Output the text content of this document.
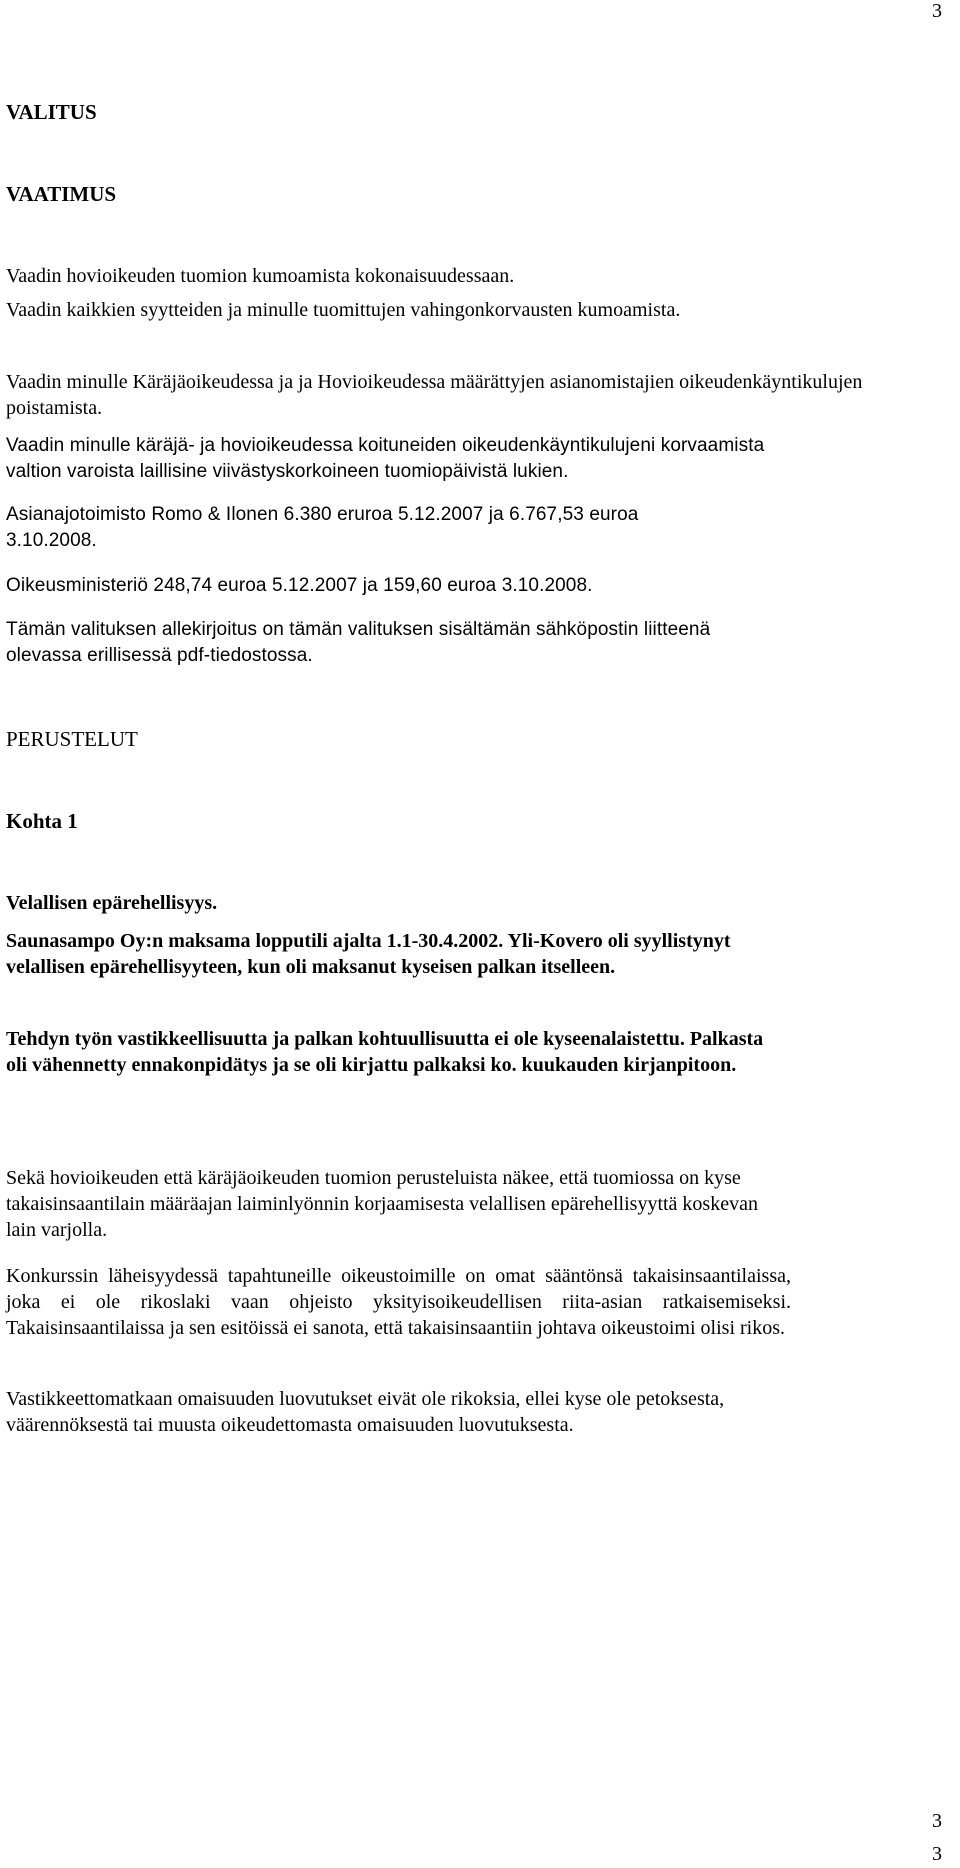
3
VALITUS
VAATIMUS

Vaadin hovioikeuden tuomion kumoamista kokonaisuudessaan.

Vaadin kaikkien syytteiden ja minulle tuomittujen vahingonkorvausten kumoamista.

Vaadin minulle Käräjäoikeudessa ja ja Hovioikeudessa määrättyjen asianomistajien oikeudenkäyntikulujen poistamista.

Vaadin minulle käräjä- ja hovioikeudessa koituneiden oikeudenkäyntikulujeni korvaamista valtion varoista laillisine viivästyskorkoineen tuomiopäivistä lukien.

Asianajotoimisto Romo & Ilonen 6.380 eruroa 5.12.2007 ja 6.767,53 euroa 3.10.2008.

Oikeusministeriö 248,74 euroa 5.12.2007 ja 159,60 euroa 3.10.2008.

Tämän valituksen allekirjoitus on tämän valituksen sisältämän sähköpostin liitteenä olevassa erillisessä pdf-tiedostossa.

PERUSTELUT
Kohta 1

Velallisen epärehellisyys.

Saunasampo Oy:n maksama lopputili ajalta 1.1-30.4.2002. Yli-Kovero oli syyllistynyt velallisen epärehellisyyteen, kun oli maksanut kyseisen palkan itselleen.

Tehdyn työn vastikkeellisuutta ja palkan kohtuullisuutta ei ole kyseenalaistettu. Palkasta oli vähennetty ennakonpidätys ja se oli kirjattu palkaksi ko. kuukauden kirjanpitoon.

Sekä hovioikeuden että käräjäoikeuden tuomion perusteluista näkee, että tuomiossa on kyse takaisinsaantilain määräajan laiminlyönnin korjaamisesta velallisen epärehellisyyttä koskevan lain varjolla.

Konkurssin läheisyydessä tapahtuneille oikeustoimille on omat sääntönsä takaisinsaantilaissa, joka ei ole rikoslaki vaan ohjeisto yksityisoikeudellisen riita-asian ratkaisemiseksi. Takaisinsaantilaissa ja sen esitöissä ei sanota, että takaisinsaantiin johtava oikeustoimi olisi rikos.

Vastikkeettomatkaan omaisuuden luovutukset eivät ole rikoksia, ellei kyse ole petoksesta, väärennöksestä tai muusta oikeudettomasta omaisuuden luovutuksesta.

3
3
